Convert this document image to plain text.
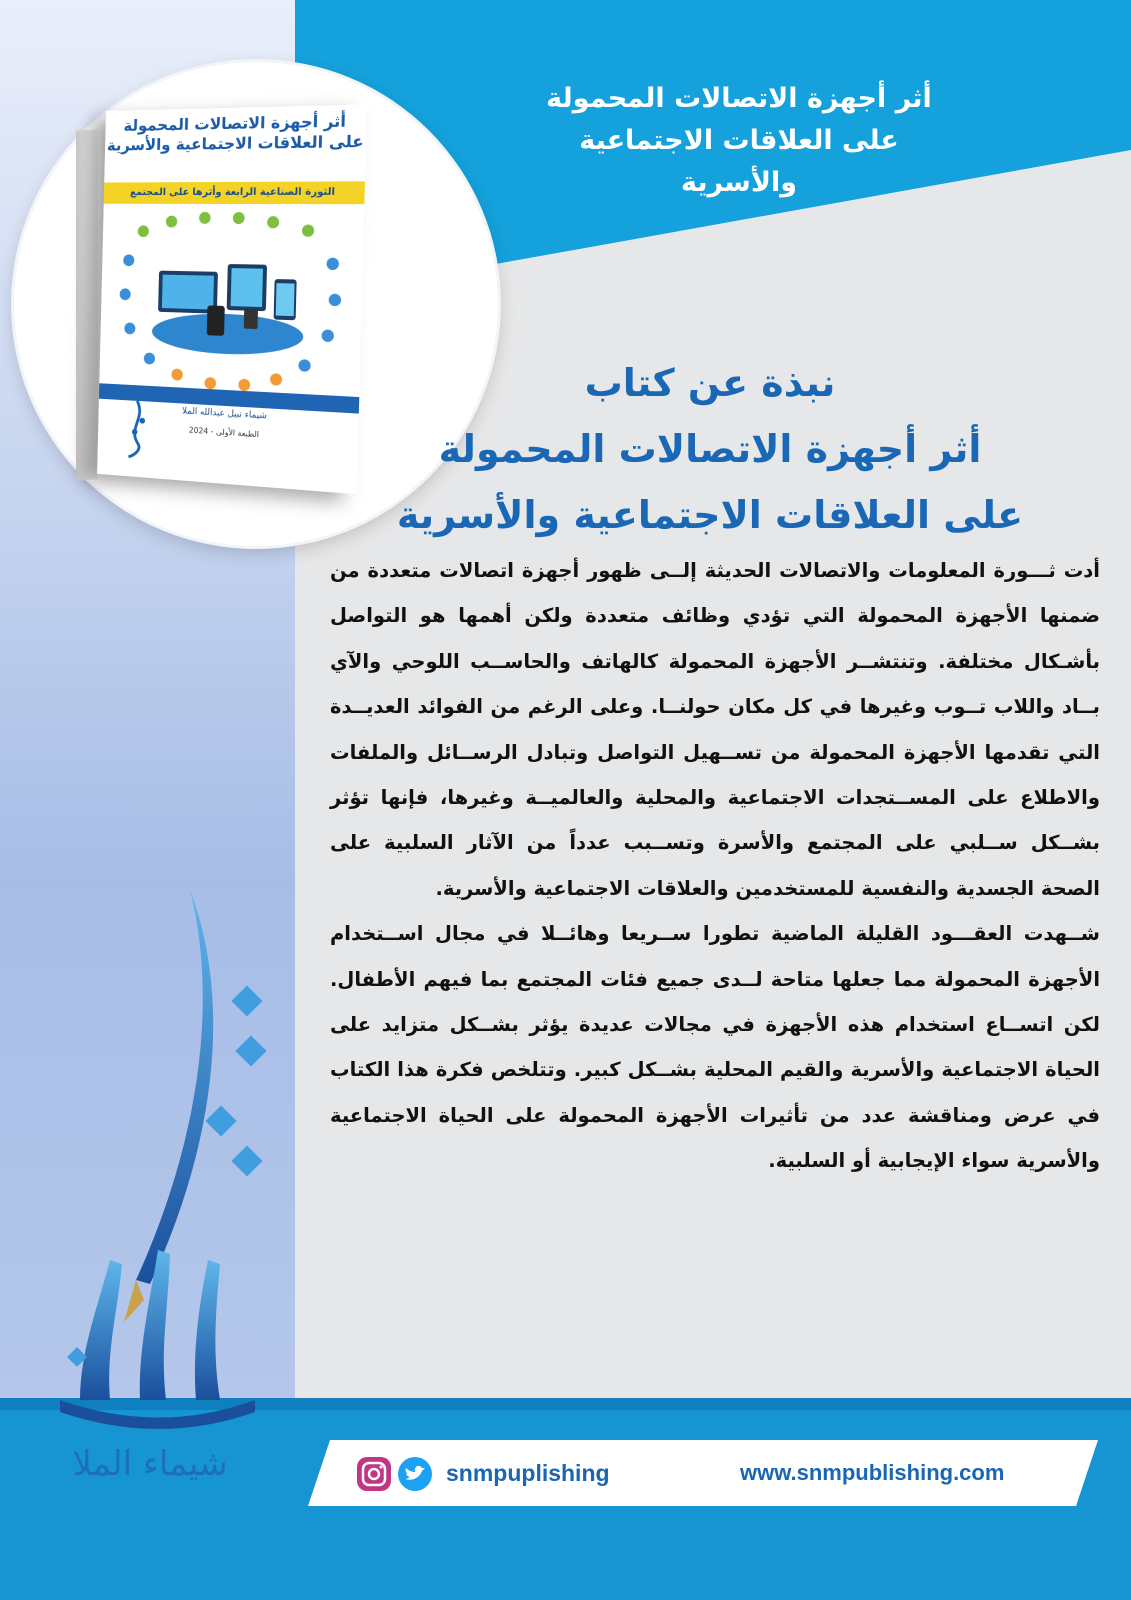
أثر أجهزة الاتصالات المحمولة
على العلاقات الاجتماعية
والأسرية
أثر أجهزة الاتصالات المحمولة
على العلاقات الاجتماعية والأسرية
الثورة الصناعية الرابعة وأثرها على المجتمع
شيماء نبيل عبدالله الملا
الطبعة الأولى - 2024
نبذة عن كتاب
أثر أجهزة الاتصالات المحمولة
على العلاقات الاجتماعية والأسرية

أدت ثـــورة المعلومات والاتصالات الحديثة إلــى ظهور أجهزة اتصالات متعددة من ضمنها الأجهزة المحمولة التي تؤدي وظائف متعددة ولكن أهمها هو التواصل بأشـكال مختلفة. وتنتشــر الأجهزة المحمولة كالهاتف والحاســب اللوحي والآي بــاد واللاب تــوب وغيرها في كل مكان حولنــا. وعلى الرغم من الفوائد العديــدة التي تقدمها الأجهزة المحمولة من تســهيل التواصل وتبادل الرســائل والملفات والاطلاع على المســتجدات الاجتماعية والمحلية والعالميــة وغيرها، فإنها تؤثر بشــكل ســلبي على المجتمع والأسرة وتســبب عدداً من الآثار السلبية على الصحة الجسدية والنفسية للمستخدمين والعلاقات الاجتماعية والأسرية.

شــهدت العقـــود القليلة الماضية تطورا ســريعا وهائــلا في مجال اســتخدام الأجهزة المحمولة مما جعلها متاحة لــدى جميع فئات المجتمع بما فيهم الأطفال. لكن اتســاع استخدام هذه الأجهزة في مجالات عديدة يؤثر بشــكل متزايد على الحياة الاجتماعية والأسرية والقيم المحلية بشــكل كبير. وتتلخص فكرة هذا الكتاب في عرض ومناقشة عدد من تأثيرات الأجهزة المحمولة على الحياة الاجتماعية والأسرية سواء الإيجابية أو السلبية.

شيماء الملا	snmpuplishing	www.snmpublishing.com
